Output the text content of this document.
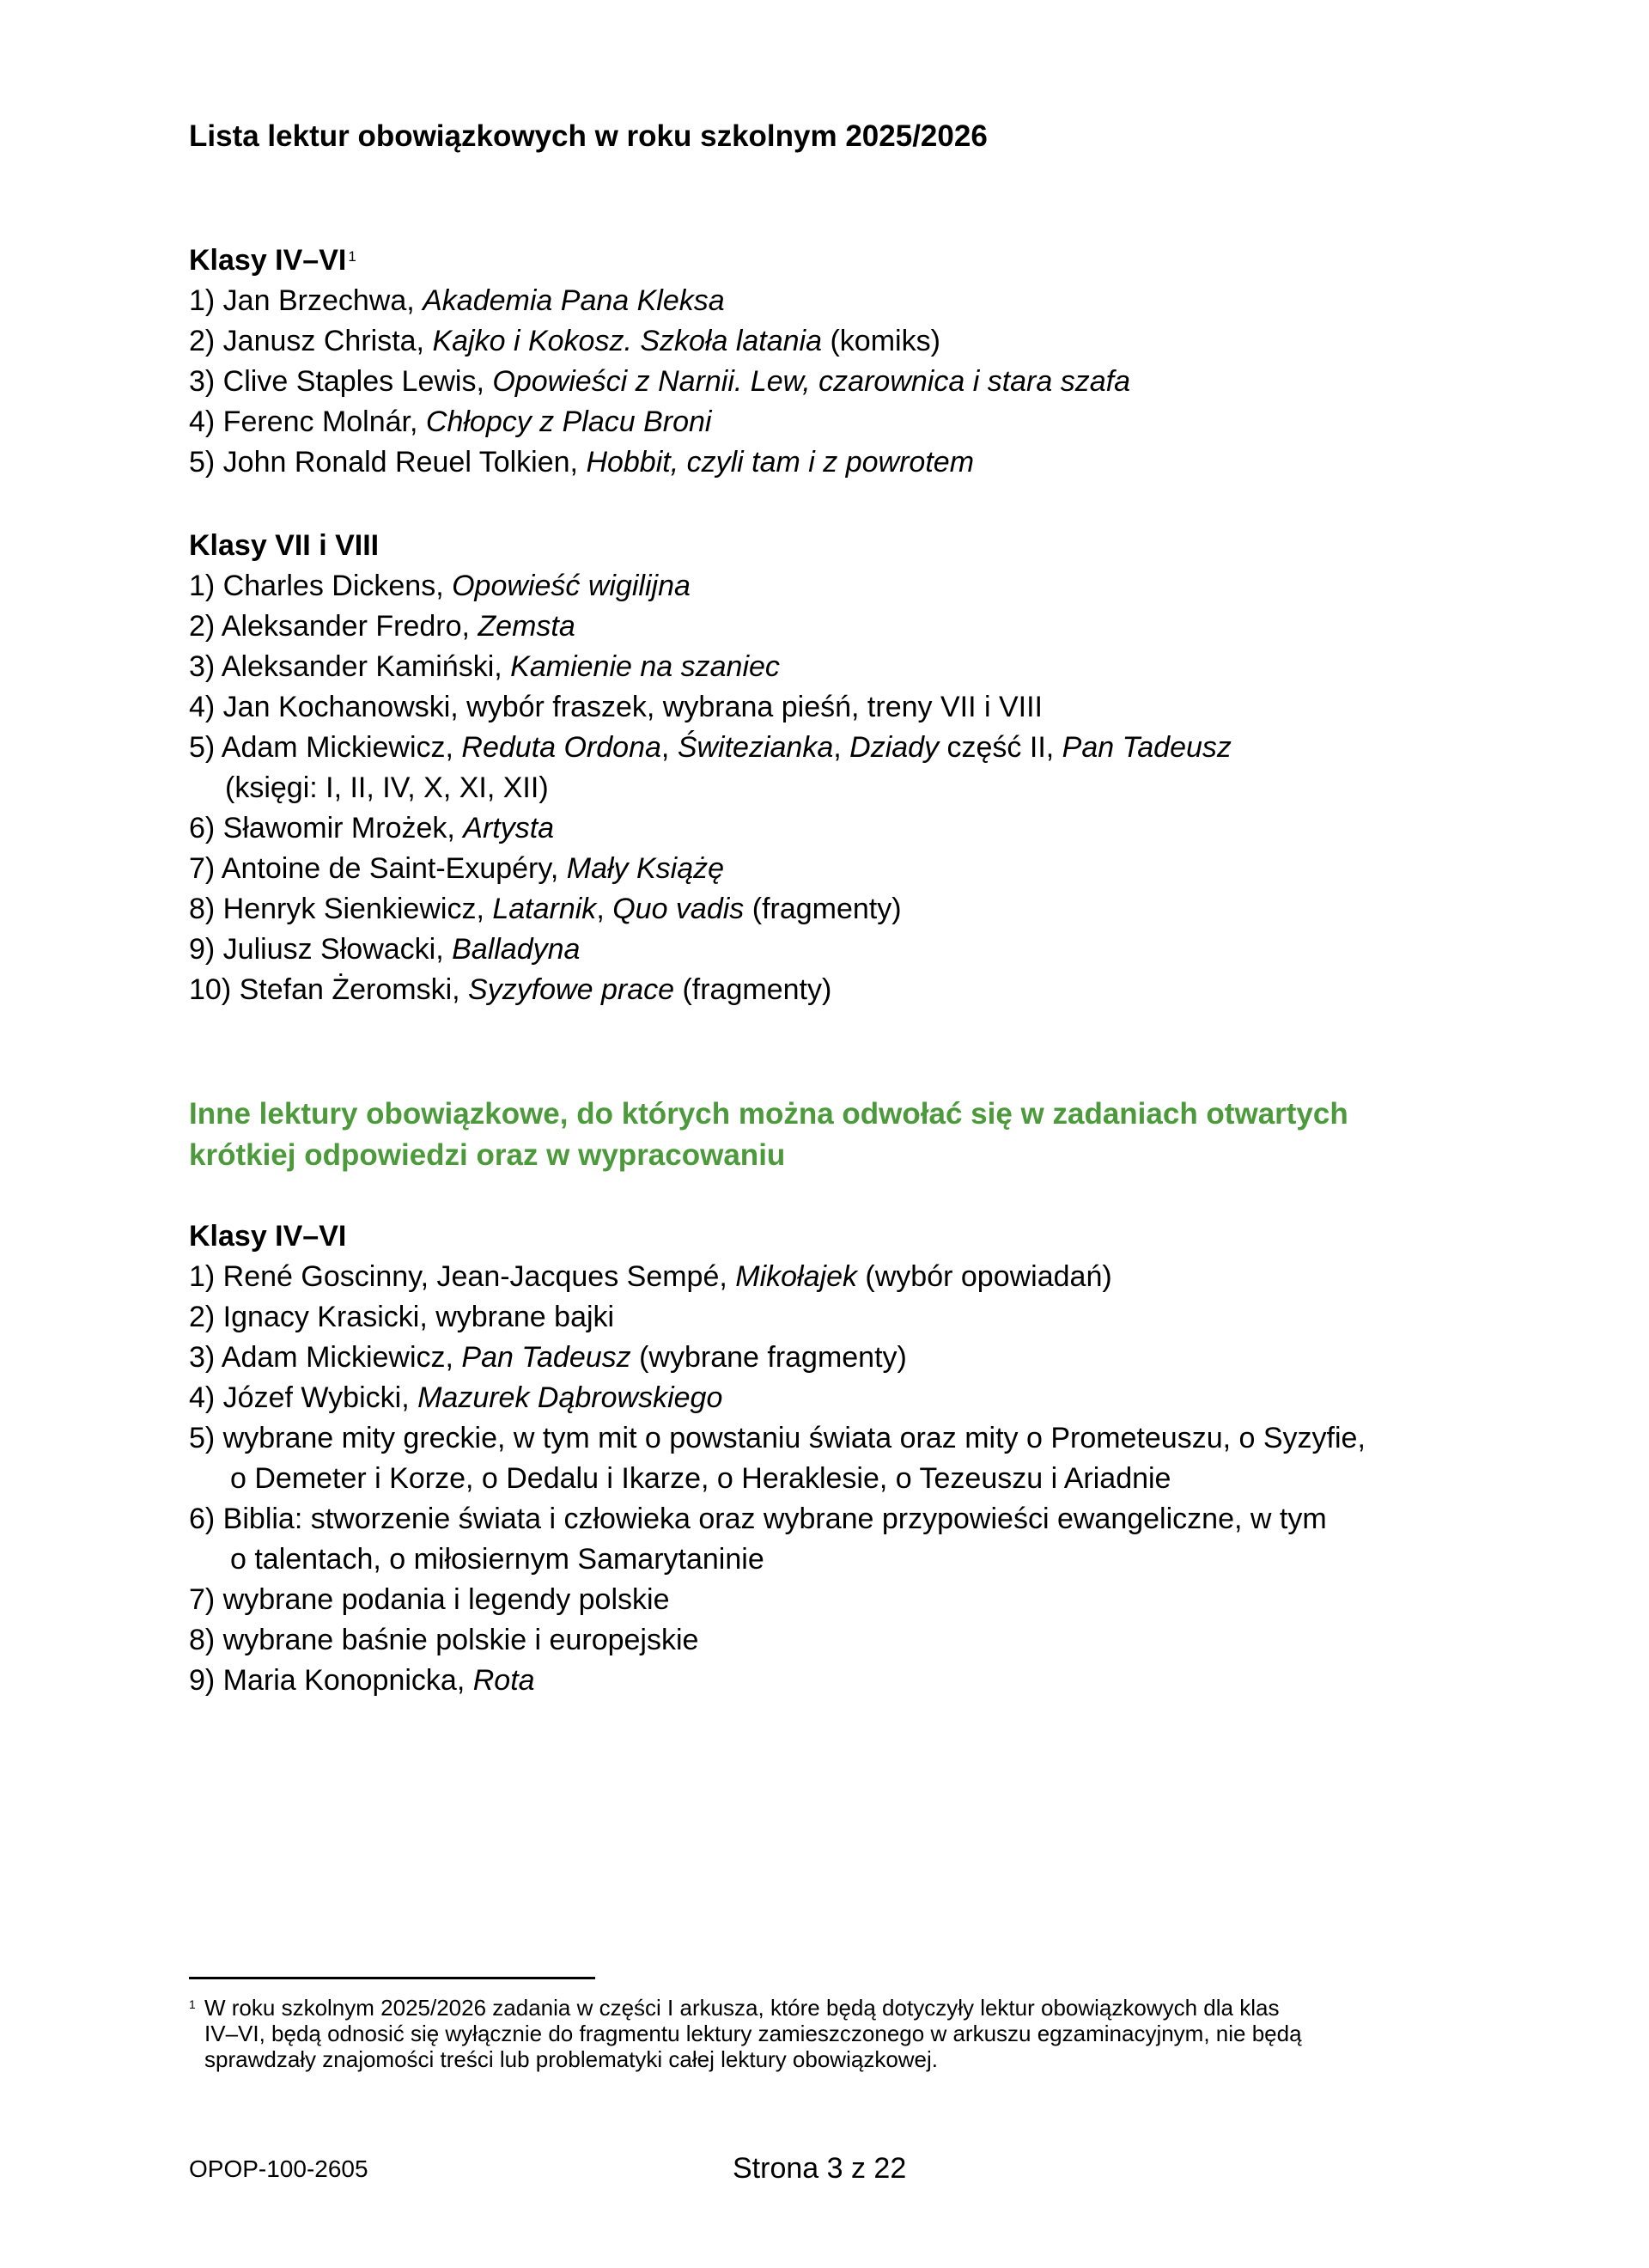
Lista lektur obowiązkowych w roku szkolnym 2025/2026
Klasy IV–VI $^1$
1) Jan Brzechwa, Akademia Pana Kleksa
2) Janusz Christa, Kajko i Kokosz. Szkoła latania (komiks)
3) Clive Staples Lewis, Opowieści z Narnii. Lew, czarownica i stara szafa
4) Ferenc Molnár, Chłopcy z Placu Broni
5) John Ronald Reuel Tolkien, Hobbit, czyli tam i z powrotem
Klasy VII i VIII
1) Charles Dickens, Opowieść wigilijna
2) Aleksander Fredro, Zemsta
3) Aleksander Kamiński, Kamienie na szaniec
4) Jan Kochanowski, wybór fraszek, wybrana pieśń, treny VII i VIII
5) Adam Mickiewicz, Reduta Ordona, Świtezianka, Dziady część II, Pan Tadeusz
(księgi: I, II, IV, X, XI, XII)
6) Sławomir Mrożek, Artysta
7) Antoine de Saint-Exupéry, Mały Książę
8) Henryk Sienkiewicz, Latarnik, Quo vadis (fragmenty)
9) Juliusz Słowacki, Balladyna
10) Stefan Żeromski, Syzyfowe prace (fragmenty)
Inne lektury obowiązkowe, do których można odwołać się w zadaniach otwartych
krótkiej odpowiedzi oraz w wypracowaniu
Klasy IV–VI
1) René Goscinny, Jean-Jacques Sempé, Mikołajek (wybór opowiadań)
2) Ignacy Krasicki, wybrane bajki
3) Adam Mickiewicz, Pan Tadeusz (wybrane fragmenty)
4) Józef Wybicki, Mazurek Dąbrowskiego
5) wybrane mity greckie, w tym mit o powstaniu świata oraz mity o Prometeuszu, o Syzyfie,
o Demeter i Korze, o Dedalu i Ikarze, o Heraklesie, o Tezeuszu i Ariadnie
6) Biblia: stworzenie świata i człowieka oraz wybrane przypowieści ewangeliczne, w tym
o talentach, o miłosiernym Samarytaninie
7) wybrane podania i legendy polskie
8) wybrane baśnie polskie i europejskie
9) Maria Konopnicka, Rota
1 W roku szkolnym 2025/2026 zadania w części I arkusza, które będą dotyczyły lektur obowiązkowych dla klas
IV–VI, będą odnosić się wyłącznie do fragmentu lektury zamieszczonego w arkuszu egzaminacyjnym, nie będą
sprawdzały znajomości treści lub problematyki całej lektury obowiązkowej.
OPOP-100-2605	Strona 3 z 22
